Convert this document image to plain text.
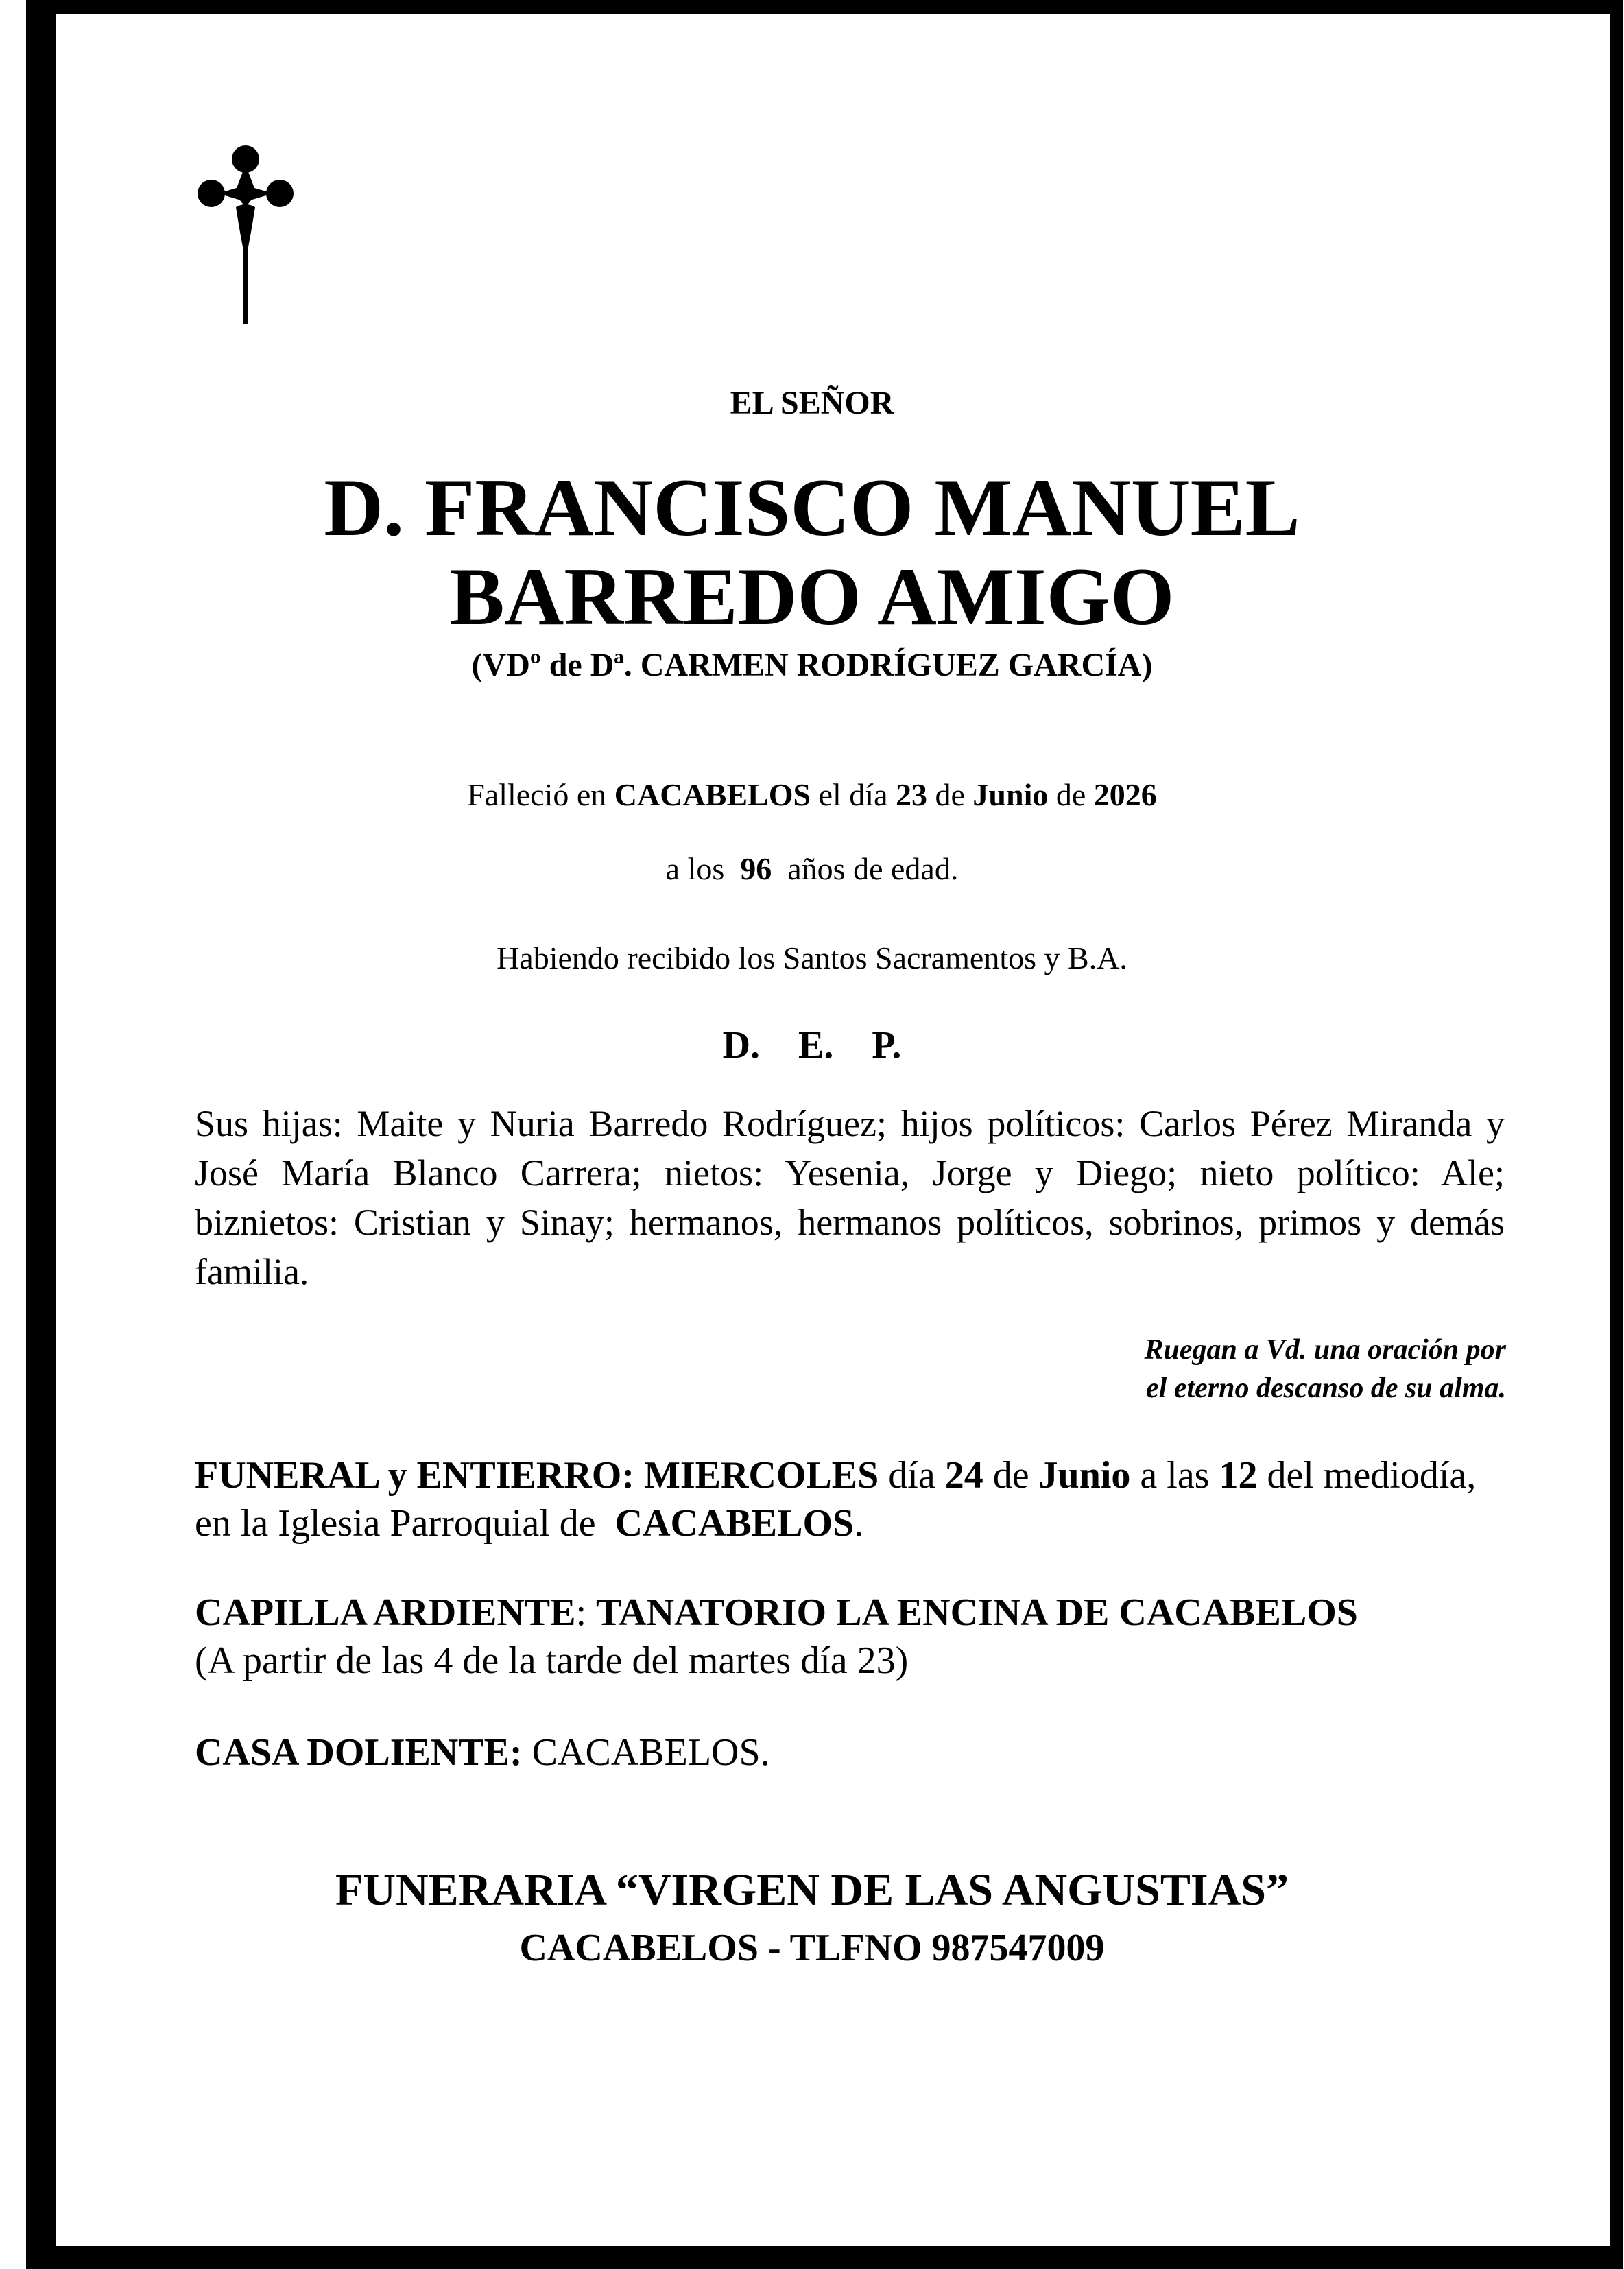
EL SEÑOR
D. FRANCISCO MANUEL
BARREDO AMIGO
(VDº de Dª. CARMEN RODRÍGUEZ GARCÍA)
Falleció en CACABELOS el día 23 de Junio de 2026
a los 96 años de edad.
Habiendo recibido los Santos Sacramentos y B.A.
D.    E.    P.
Sus hijas: Maite y Nuria Barredo Rodríguez; hijos políticos: Carlos Pérez Miranda y José María Blanco Carrera; nietos: Yesenia, Jorge y Diego; nieto político: Ale; biznietos: Cristian y Sinay; hermanos, hermanos políticos, sobrinos, primos y demás familia.
Ruegan a Vd. una oración por
el eterno descanso de su alma.
FUNERAL y ENTIERRO: MIERCOLES día 24 de Junio a las 12 del mediodía,
en la Iglesia Parroquial de CACABELOS.
CAPILLA ARDIENTE: TANATORIO LA ENCINA DE CACABELOS
(A partir de las 4 de la tarde del martes día 23)
CASA DOLIENTE: CACABELOS.
FUNERARIA “VIRGEN DE LAS ANGUSTIAS”
CACABELOS - TLFNO 987547009
